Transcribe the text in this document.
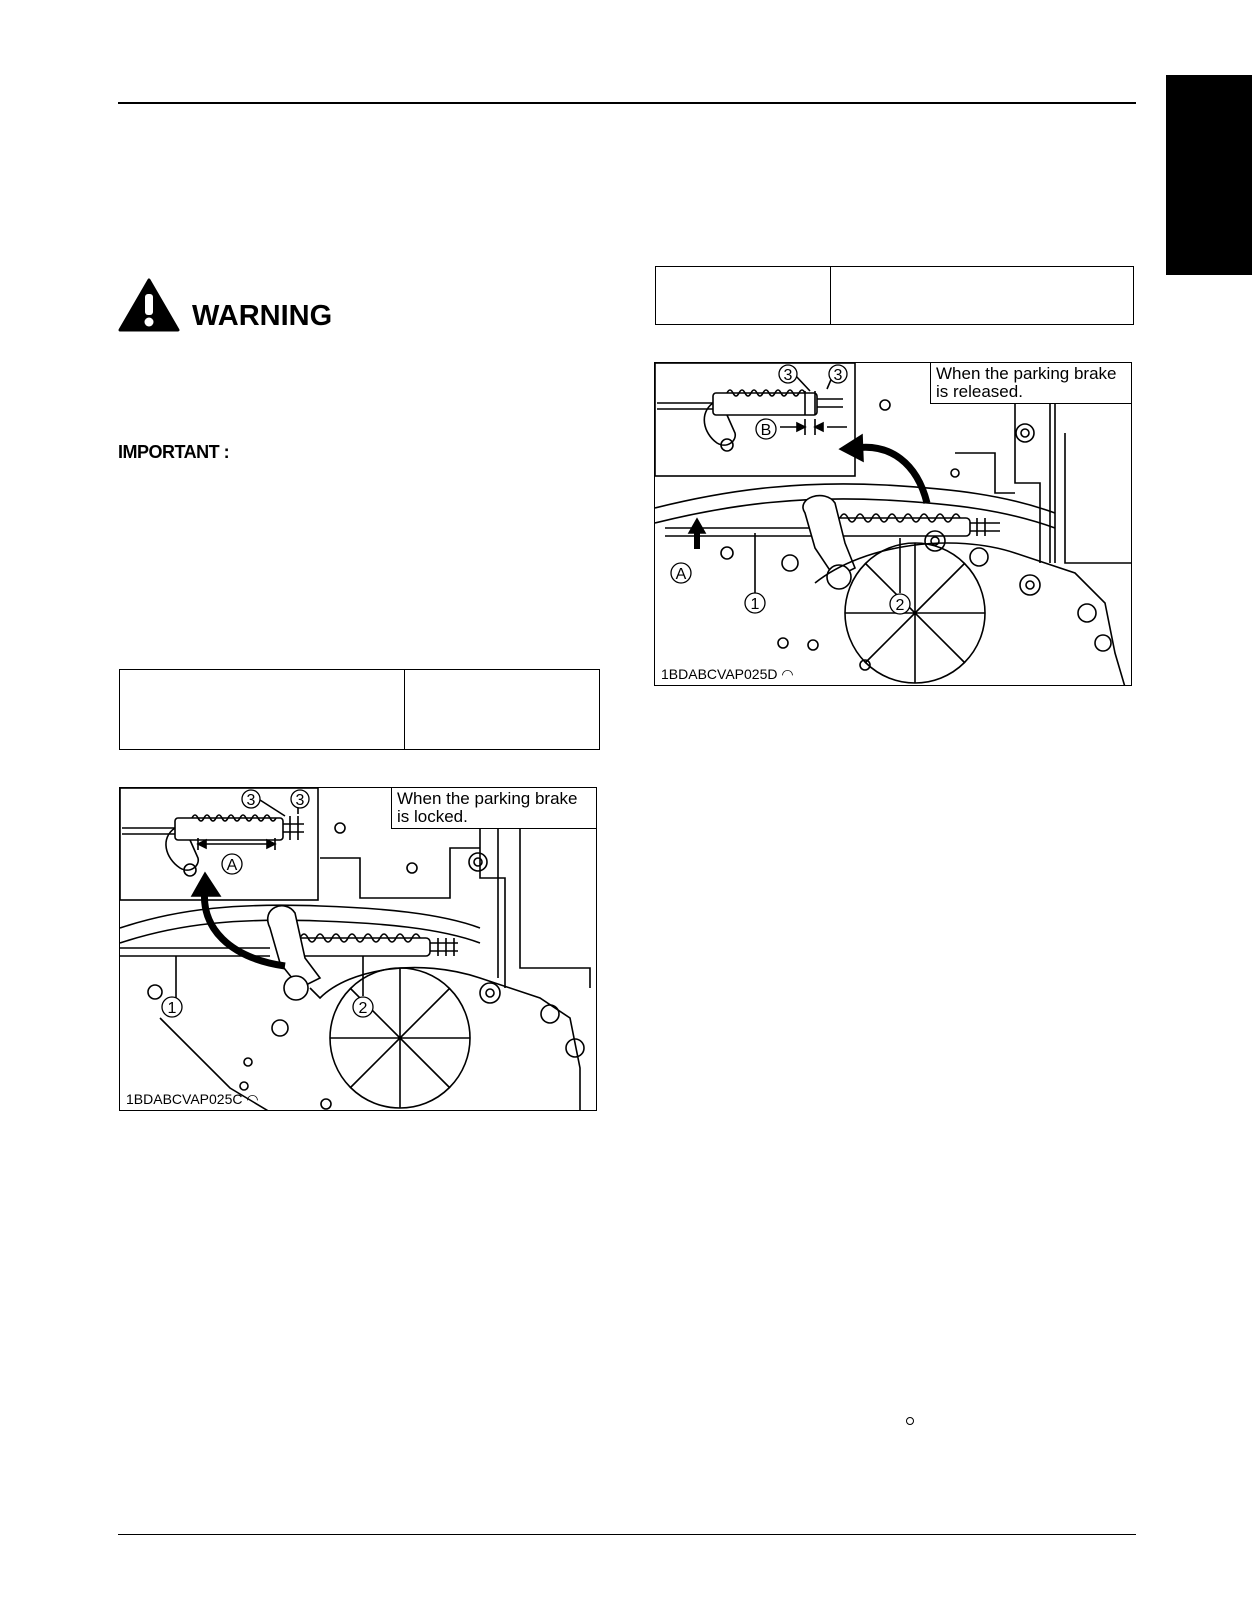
WARNING
IMPORTANT :

3	3
A
1	2
When the parking brake
is locked.
1BDABCVAP025C ◠
3	3
B
A
1	2
When the parking brake
is released.
1BDABCVAP025D ◠
